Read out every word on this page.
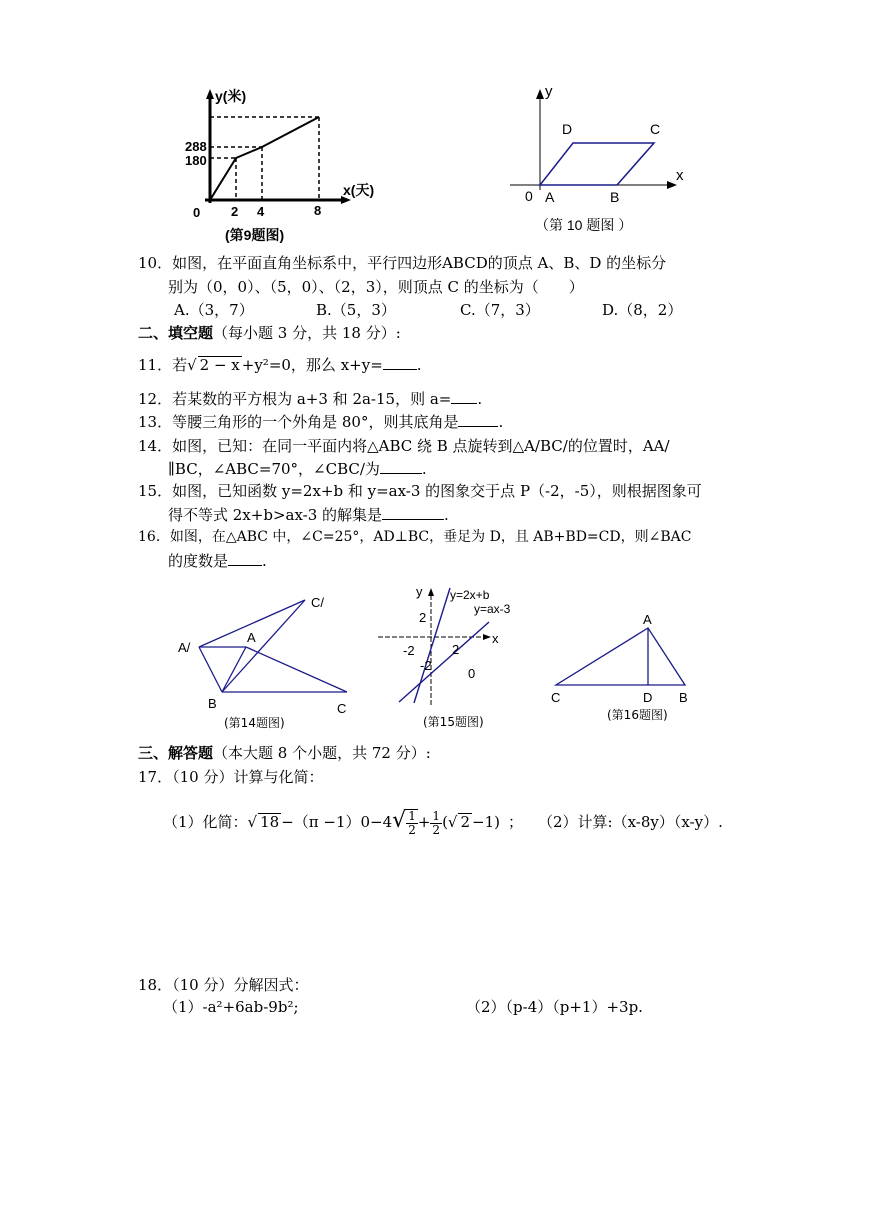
y(米)
x(天)
288
180
0 2 4	8
(第9题图)
y
x
0 A	B
C
D
（第 10 题图 ）
10．如图，在平面直角坐标系中，平行四边形ABCD的顶点 A、B、D 的坐标分
别为（0，0）、（5，0）、（2，3），则顶点 C 的坐标为（　　）
A.（3，7）	B.（5，3）	C.（7，3）	D.（8，2）
二、填空题（每小题 3 分，共 18 分）:
11．若√ 2 − x +y²=0，那么 x+y= .
12．若某数的平方根为 a+3 和 2a-15，则 a= .
13．等腰三角形的一个外角是 80°，则其底角是	.
14．如图，已知：在同一平面内将△ABC 绕 B 点旋转到△A/BC/的位置时，AA/
∥BC，∠ABC=70°，∠CBC/为	.
15．如图，已知函数 y=2x+b 和 y=ax-3 的图象交于点 P（-2，-5），则根据图象可
得不等式 2x+b>ax-3 的解集是	.
16．如图，在△ABC 中，∠C=25°，AD⊥BC，垂足为 D，且 AB+BD=CD，则∠BAC
的度数是 .
C/
A/
A
B	C
(第14题图)
y
x
y=2x+b
y=ax-3
2
-2	2
-2
0
(第15题图)
A
C	D B
(第16题图)
三、解答题（本大题 8 个小题，共 72 分）:
17．（10 分）计算与化简：
（1）化简：√ $18 -(\pi -1)0-4√ \frac{1}{2} + \frac{1}{2}$ (√ 2 −1) ； （2）计算:（x-8y）（x-y）.
18．（10 分）分解因式：
（1）-a²+6ab-9b²;	（2）（p-4）（p+1）+3p.
